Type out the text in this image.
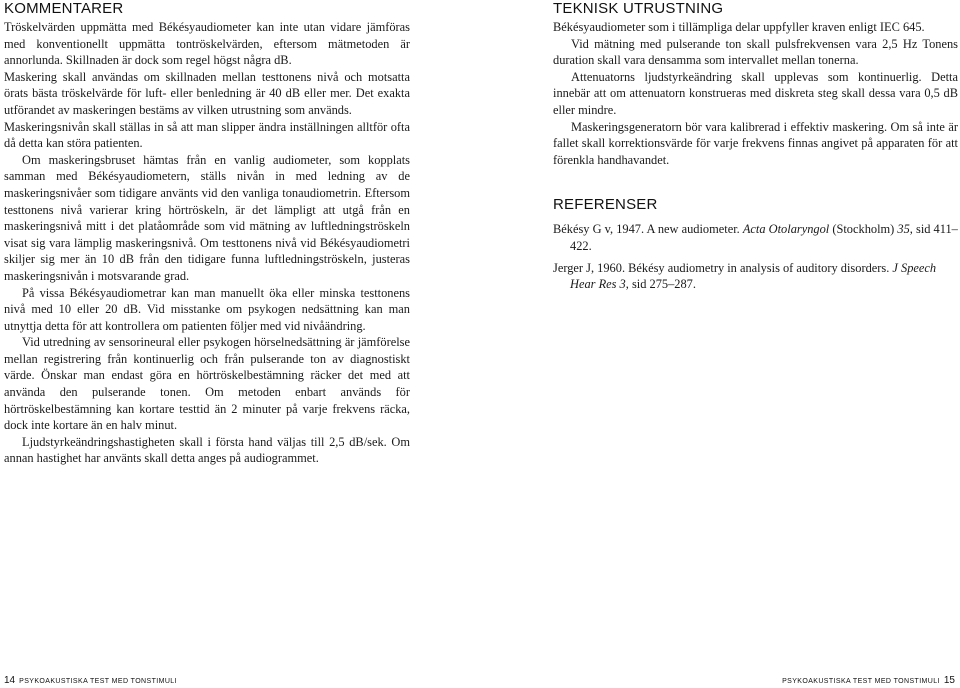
KOMMENTARER

Tröskelvärden uppmätta med Békésyaudiometer kan inte utan vidare jämföras med konventionellt uppmätta tontröskelvärden, eftersom mätmetoden är annorlunda. Skillnaden är dock som regel högst några dB.

Maskering skall användas om skillnaden mellan testtonens nivå och motsatta örats bästa tröskelvärde för luft- eller benledning är 40 dB eller mer. Det exakta utförandet av maskeringen bestäms av vilken utrustning som används.

Maskeringsnivån skall ställas in så att man slipper ändra inställningen alltför ofta då detta kan störa patienten.

Om maskeringsbruset hämtas från en vanlig audiometer, som kopplats samman med Békésyaudiometern, ställs nivån in med ledning av de maskeringsnivåer som tidigare använts vid den vanliga tonaudiometrin. Eftersom testtonens nivå varierar kring hörtröskeln, är det lämpligt att utgå från en maskeringsnivå mitt i det platåområde som vid mätning av luftledningströskeln visat sig vara lämplig maskeringsnivå. Om testtonens nivå vid Békésyaudiometri skiljer sig mer än 10 dB från den tidigare funna luftledningströskeln, justeras maskeringsnivån i motsvarande grad.

På vissa Békésyaudiometrar kan man manuellt öka eller minska testtonens nivå med 10 eller 20 dB. Vid misstanke om psykogen nedsättning kan man utnyttja detta för att kontrollera om patienten följer med vid nivåändring.

Vid utredning av sensorineural eller psykogen hörselnedsättning är jämförelse mellan registrering från kontinuerlig och från pulserande ton av diagnostiskt värde. Önskar man endast göra en hörtröskelbestämning räcker det med att använda den pulserande tonen. Om metoden enbart används för hörtröskelbestämning kan kortare testtid än 2 minuter på varje frekvens räcka, dock inte kortare än en halv minut.

Ljudstyrkeändringshastigheten skall i första hand väljas till 2,5 dB/sek. Om annan hastighet har använts skall detta anges på audiogrammet.

TEKNISK UTRUSTNING

Békésyaudiometer som i tillämpliga delar uppfyller kraven enligt IEC 645.

Vid mätning med pulserande ton skall pulsfrekvensen vara 2,5 Hz Tonens duration skall vara densamma som intervallet mellan tonerna.

Attenuatorns ljudstyrkeändring skall upplevas som kontinuerlig. Detta innebär att om attenuatorn konstrueras med diskreta steg skall dessa vara 0,5 dB eller mindre.

Maskeringsgeneratorn bör vara kalibrerad i effektiv maskering. Om så inte är fallet skall korrektionsvärde för varje frekvens finnas angivet på apparaten för att förenkla handhavandet.

REFERENSER

Békésy G v, 1947. A new audiometer. Acta Otolaryngol (Stockholm) 35, sid 411–422.

Jerger J, 1960. Békésy audiometry in analysis of auditory disorders. J Speech Hear Res 3, sid 275–287.

14 PSYKOAKUSTISKA TEST MED TONSTIMULI	PSYKOAKUSTISKA TEST MED TONSTIMULI 15
